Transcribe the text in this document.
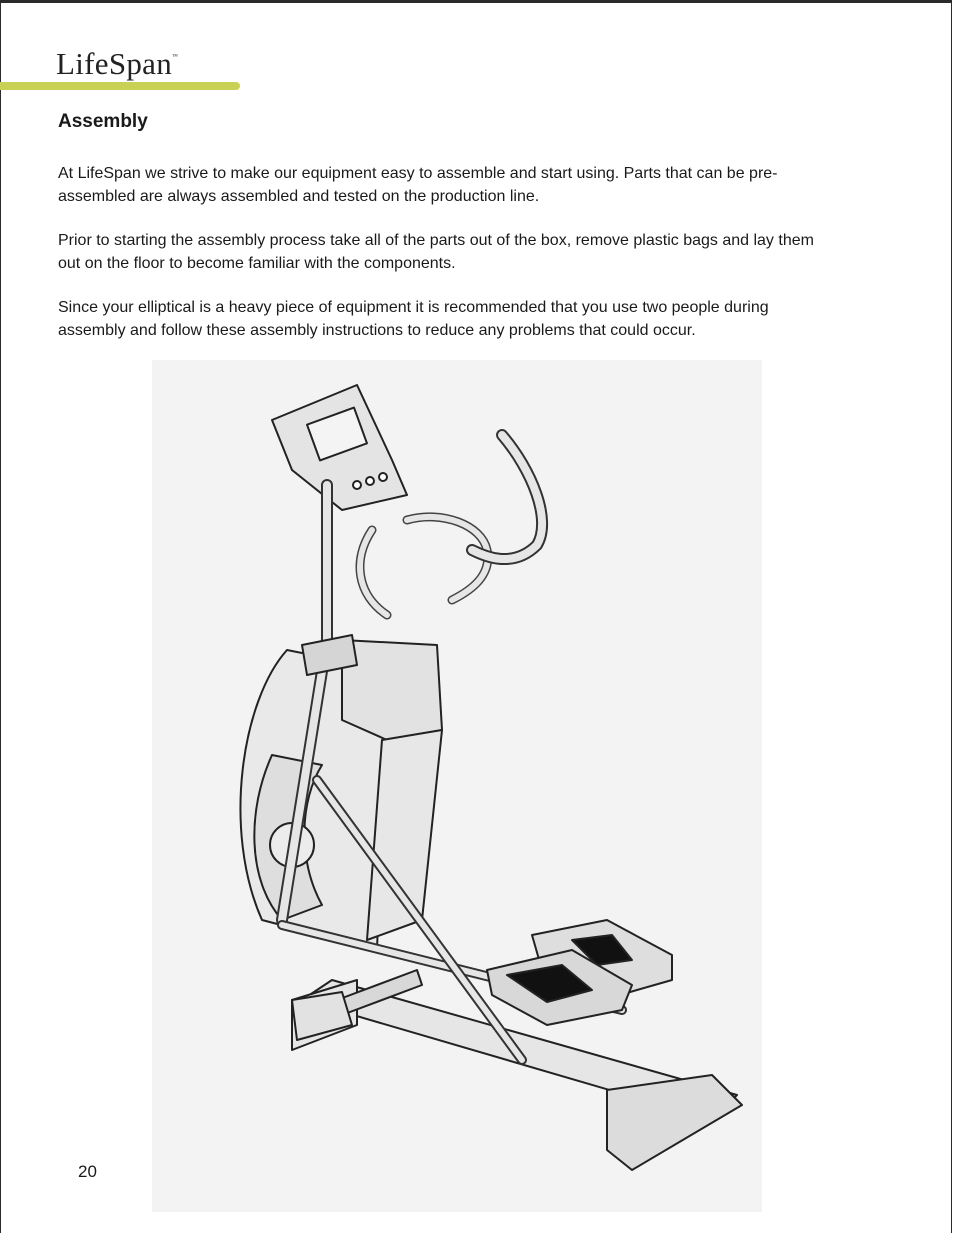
LifeSpan™
Assembly
At LifeSpan we strive to make our equipment easy to assemble and start using. Parts that can be pre-assembled are always assembled and tested on the production line.
Prior to starting the assembly process take all of the parts out of the box, remove plastic bags and lay them out on the floor to become familiar with the components.
Since your elliptical is a heavy piece of equipment it is recommended that you use two people during assembly and follow these assembly instructions to reduce any problems that could occur.
20
